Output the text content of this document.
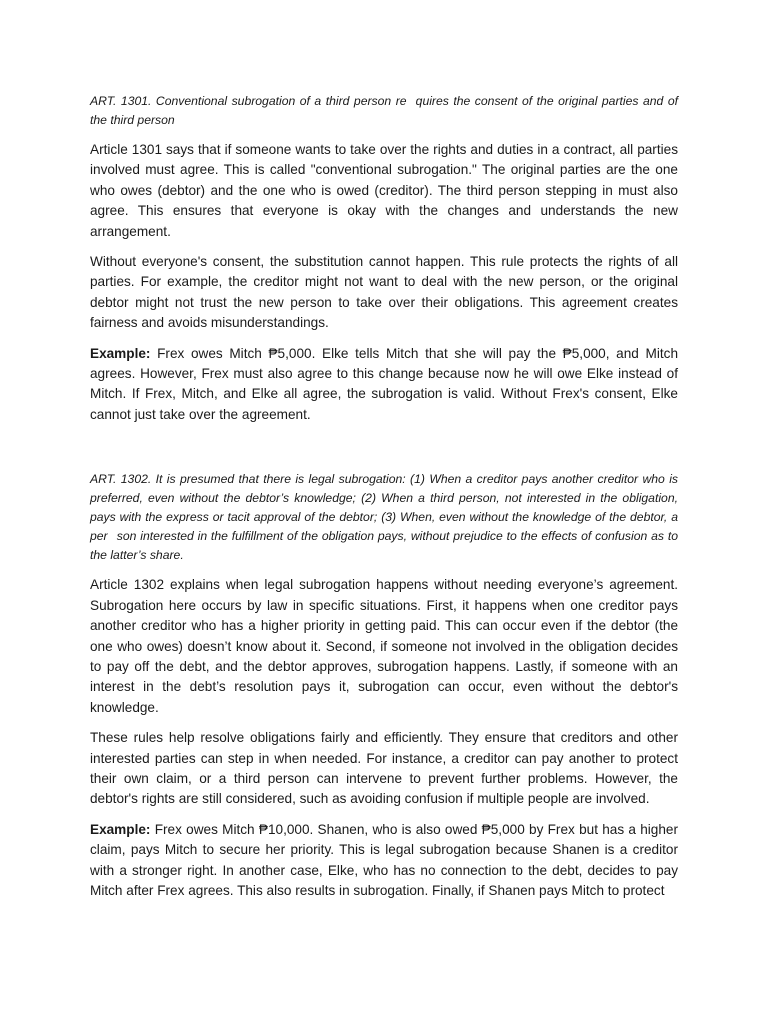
ART. 1301. Conventional subrogation of a third person re quires the consent of the original parties and of the third person

Article 1301 says that if someone wants to take over the rights and duties in a contract, all parties involved must agree. This is called "conventional subrogation." The original parties are the one who owes (debtor) and the one who is owed (creditor). The third person stepping in must also agree. This ensures that everyone is okay with the changes and understands the new arrangement.

Without everyone's consent, the substitution cannot happen. This rule protects the rights of all parties. For example, the creditor might not want to deal with the new person, or the original debtor might not trust the new person to take over their obligations. This agreement creates fairness and avoids misunderstandings.

Example: Frex owes Mitch ₱5,000. Elke tells Mitch that she will pay the ₱5,000, and Mitch agrees. However, Frex must also agree to this change because now he will owe Elke instead of Mitch. If Frex, Mitch, and Elke all agree, the subrogation is valid. Without Frex's consent, Elke cannot just take over the agreement.

ART. 1302. It is presumed that there is legal subrogation: (1) When a creditor pays another creditor who is preferred, even without the debtor’s knowledge; (2) When a third person, not interested in the obligation, pays with the express or tacit approval of the debtor; (3) When, even without the knowledge of the debtor, a per son interested in the fulfillment of the obligation pays, without prejudice to the effects of confusion as to the latter’s share.

Article 1302 explains when legal subrogation happens without needing everyone’s agreement. Subrogation here occurs by law in specific situations. First, it happens when one creditor pays another creditor who has a higher priority in getting paid. This can occur even if the debtor (the one who owes) doesn’t know about it. Second, if someone not involved in the obligation decides to pay off the debt, and the debtor approves, subrogation happens. Lastly, if someone with an interest in the debt’s resolution pays it, subrogation can occur, even without the debtor's knowledge.

These rules help resolve obligations fairly and efficiently. They ensure that creditors and other interested parties can step in when needed. For instance, a creditor can pay another to protect their own claim, or a third person can intervene to prevent further problems. However, the debtor's rights are still considered, such as avoiding confusion if multiple people are involved.

Example: Frex owes Mitch ₱10,000. Shanen, who is also owed ₱5,000 by Frex but has a higher claim, pays Mitch to secure her priority. This is legal subrogation because Shanen is a creditor with a stronger right. In another case, Elke, who has no connection to the debt, decides to pay Mitch after Frex agrees. This also results in subrogation. Finally, if Shanen pays Mitch to protect
